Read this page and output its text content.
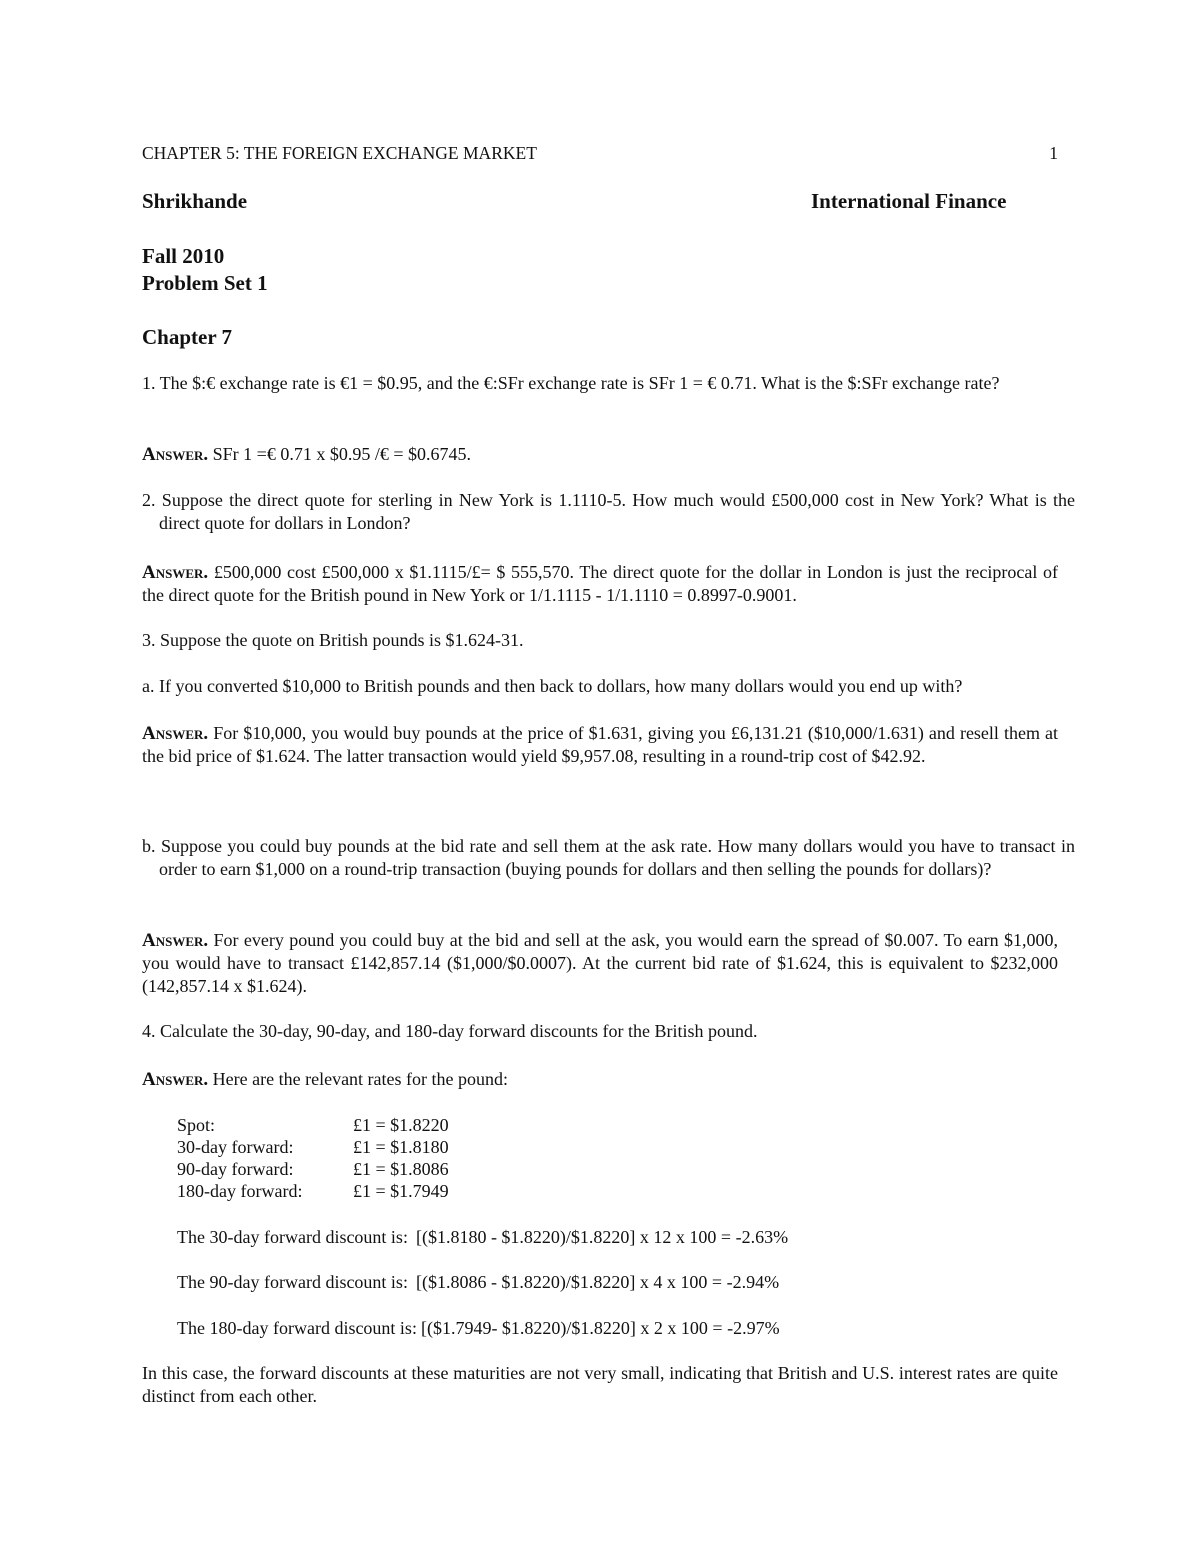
CHAPTER 5: THE FOREIGN EXCHANGE MARKET	1
Shrikhande	International Finance
Fall 2010
Problem Set 1
Chapter 7
1. The $:€ exchange rate is €1 = $0.95, and the €:SFr exchange rate is SFr 1 = € 0.71. What is the $:SFr exchange rate?
Answer. SFr 1 =€ 0.71 x $0.95 /€ = $0.6745.
2. Suppose the direct quote for sterling in New York is 1.1110-5. How much would £500,000 cost in New York? What is the direct quote for dollars in London?
Answer. £500,000 cost £500,000 x $1.1115/£= $ 555,570. The direct quote for the dollar in London is just the reciprocal of the direct quote for the British pound in New York or 1/1.1115 - 1/1.1110 = 0.8997-0.9001.
3. Suppose the quote on British pounds is $1.624-31.
a. If you converted $10,000 to British pounds and then back to dollars, how many dollars would you end up with?
Answer. For $10,000, you would buy pounds at the price of $1.631, giving you £6,131.21 ($10,000/1.631) and resell them at the bid price of $1.624. The latter transaction would yield $9,957.08, resulting in a round-trip cost of $42.92.
b. Suppose you could buy pounds at the bid rate and sell them at the ask rate. How many dollars would you have to transact in order to earn $1,000 on a round-trip transaction (buying pounds for dollars and then selling the pounds for dollars)?
Answer. For every pound you could buy at the bid and sell at the ask, you would earn the spread of $0.007. To earn $1,000, you would have to transact £142,857.14 ($1,000/$0.0007). At the current bid rate of $1.624, this is equivalent to $232,000 (142,857.14 x $1.624).
4. Calculate the 30-day, 90-day, and 180-day forward discounts for the British pound.
Answer. Here are the relevant rates for the pound:
Spot:	£1 = $1.8220
30-day forward:	£1 = $1.8180
90-day forward:	£1 = $1.8086
180-day forward:	£1 = $1.7949
The 30-day forward discount is: [($1.8180 - $1.8220)/$1.8220] x 12 x 100 = -2.63%
The 90-day forward discount is: [($1.8086 - $1.8220)/$1.8220] x 4 x 100 = -2.94%
The 180-day forward discount is: [($1.7949- $1.8220)/$1.8220] x 2 x 100 = -2.97%
In this case, the forward discounts at these maturities are not very small, indicating that British and U.S. interest rates are quite distinct from each other.
